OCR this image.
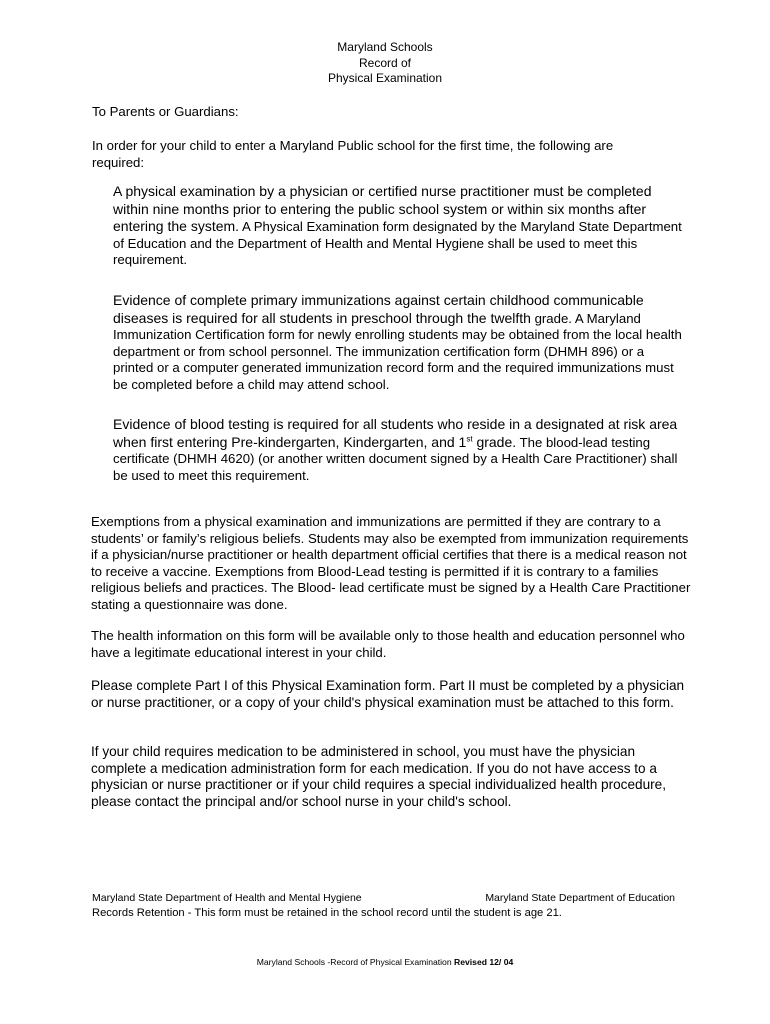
Maryland Schools
Record of
Physical Examination
To Parents or Guardians:
In order for your child to enter a Maryland Public school for the first time, the following are required:
A physical examination by a physician or certified nurse practitioner must be completed within nine months prior to entering the public school system or within six months after entering the system. A Physical Examination form designated by the Maryland State Department of Education and the Department of Health and Mental Hygiene shall be used to meet this requirement.
Evidence of complete primary immunizations against certain childhood communicable diseases is required for all students in preschool through the twelfth grade. A Maryland Immunization Certification form for newly enrolling students may be obtained from the local health department or from school personnel. The immunization certification form (DHMH 896) or a printed or a computer generated immunization record form and the required immunizations must be completed before a child may attend school.
Evidence of blood testing is required for all students who reside in a designated at risk area when first entering Pre-kindergarten, Kindergarten, and 1st grade. The blood-lead testing certificate (DHMH 4620) (or another written document signed by a Health Care Practitioner) shall be used to meet this requirement.
Exemptions from a physical examination and immunizations are permitted if they are contrary to a students’ or family’s religious beliefs. Students may also be exempted from immunization requirements if a physician/nurse practitioner or health department official certifies that there is a medical reason not to receive a vaccine. Exemptions from Blood-Lead testing is permitted if it is contrary to a families religious beliefs and practices. The Blood- lead certificate must be signed by a Health Care Practitioner stating a questionnaire was done.
The health information on this form will be available only to those health and education personnel who have a legitimate educational interest in your child.
Please complete Part I of this Physical Examination form. Part II must be completed by a physician or nurse practitioner, or a copy of your child's physical examination must be attached to this form.
If your child requires medication to be administered in school, you must have the physician complete a medication administration form for each medication. If you do not have access to a physician or nurse practitioner or if your child requires a special individualized health procedure, please contact the principal and/or school nurse in your child's school.
Maryland State Department of Health and Mental Hygiene	Maryland State Department of Education
Records Retention - This form must be retained in the school record until the student is age 21.
Maryland Schools -Record of Physical Examination Revised 12/ 04
